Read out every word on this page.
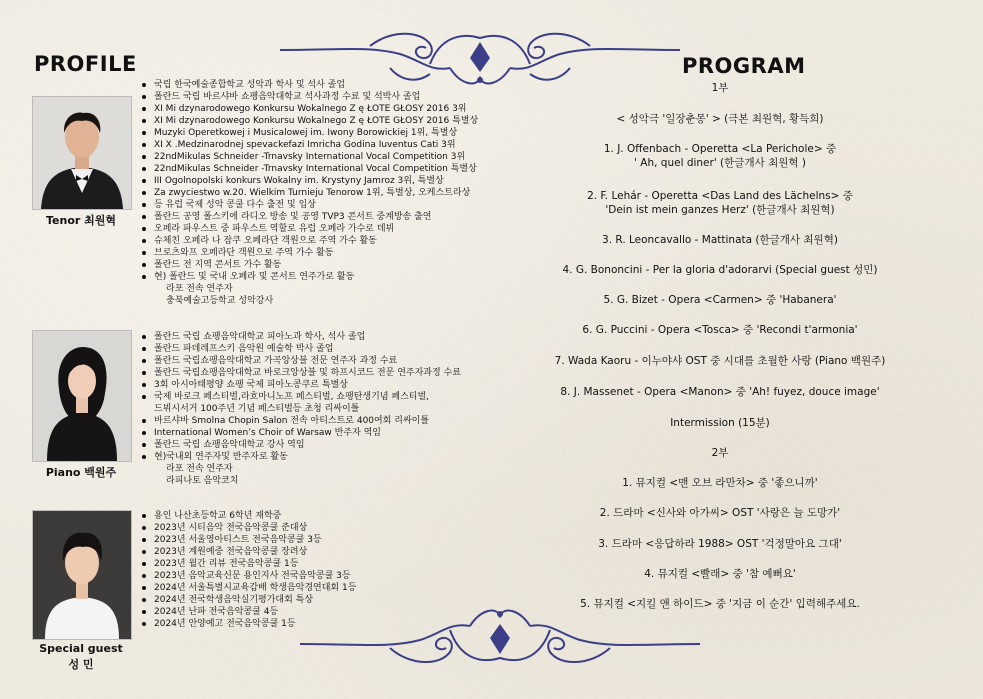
PROFILE	PROGRAM
Tenor 최원혁
국립 한국예술종합학교 성악과 학사 및 석사 졸업
폴란드 국립 바르샤바 쇼팽음악대학교 석사과정 수료 및 석박사 졸업
XI Mi dzynarodowego Konkursu Wokalnego Z ę ŁOTE GŁOSY 2016 3위
XI Mi dzynarodowego Konkursu Wokalnego Z ę ŁOTE GŁOSY 2016 특별상
Muzyki Operetkowej i Musicalowej im. Iwony Borowickiej 1위, 특별상
XI X .Medzinarodnej spevackefazi Imricha Godina Iuventus Cati 3위
22ndMikulas Schneider -Trnavsky International Vocal Competition 3위
22ndMikulas Schneider -Trnavsky International Vocal Competition 특별상
III Ogolnopolski konkurs Wokalny im. Krystyny Jamroz 3위, 특별상
Za zwyciestwo w.20. Wielkim Turnieju Tenorow 1위, 특별상, 오케스트라상
등 유럽 국제 성악 콩쿨 다수 출전 및 입상
폴란드 공영 폴스키에 라디오 방송 및 공영 TVP3 콘서트 중계방송 출연
오페라 파우스트 중 파우스트 역할로 유럽 오페라 가수로 데뷔
슈체친 오페라 나 잠쿠 오페라단 객원으로 주역 가수 활동
브로츠와프 오페라단 객원으로 주역 가수 활동
폴란드 전 지역 콘서트 가수 활동
현) 폴란드 및 국내 오페라 및 콘서트 연주가로 활동
라포 전속 연주자
충북예술고등학교 성악강사
Piano 백원주
폴란드 국립 쇼팽음악대학교 피아노과 학사, 석사 졸업
폴란드 파데레프스키 음악원 예술학 박사 졸업
폴란드 국립쇼팽음악대학교 가곡앙상블 전문 연주자 과정 수료
폴란드 국립쇼팽음악대학교 바로크앙상블 및 하프시코드 전문 연주자과정 수료
3회 아시아태평양 쇼팽 국제 피아노콩쿠르 특별상
국제 바로크 페스티벌,라흐마니노프 페스티벌, 쇼팽탄생기념 페스티벌,
드뷔시서거 100주년 기념 페스티벌등 초청 리싸이틀
바르샤바 Smolna Chopin Salon 전속 아티스트로 400여회 리싸이틀
International Women’s Choir of Warsaw 반주자 역임
폴란드 국립 쇼팽음악대학교 강사 역임
현)국내외 연주자및 반주자로 활동
라포 전속 연주자
라피나토 음악코치
Special guest
성 민
용인 나산초등학교 6학년 재학중
2023년 시티음악 전국음악콩쿨 준대상
2023년 서울영아티스트 전국음악콩쿨 3등
2023년 계원예중 전국음악콩쿨 장려상
2023년 월간 리뷰 전국음악콩쿨 1등
2023년 음악교육신문 용인지사 전국음악콩쿨 3등
2024년 서울특별시교육감배 학생음악경연대회 1등
2024년 전국학생음악실기평가대회 특상
2024년 난파 전국음악콩쿨 4등
2024년 안양예고 전국음악콩쿨 1등
1부
< 성악극 '일장춘몽' > (극본 최원혁, 황득희)
1. J. Offenbach - Operetta <La Perichole> 중
' Ah, quel diner' (한글개사 최원혁 )
2. F. Lehár - Operetta <Das Land des Lächelns> 중
'Dein ist mein ganzes Herz' (한글개사 최원혁)
3. R. Leoncavallo - Mattinata (한글개사 최원혁)
4. G. Bononcini - Per la gloria d'adorarvi (Special guest 성민)
5. G. Bizet - Opera <Carmen> 중 'Habanera'
6. G. Puccini - Opera <Tosca> 중 'Recondi t'armonia'
7. Wada Kaoru - 이누야샤 OST 중 시대를 초월한 사랑 (Piano 백원주)
8. J. Massenet - Opera <Manon> 중 'Ah! fuyez, douce image'
Intermission (15분)
2부
1. 뮤지컬 <맨 오브 라만차> 중 '좋으니까'
2. 드라마 <신사와 아가씨> OST '사랑은 늘 도망가'
3. 드라마 <응답하라 1988> OST '걱정말아요 그대'
4. 뮤지컬 <빨래> 중 '참 예뻐요'
5. 뮤지컬 <지킬 앤 하이드> 중 '지금 이 순간' 입력해주세요.
